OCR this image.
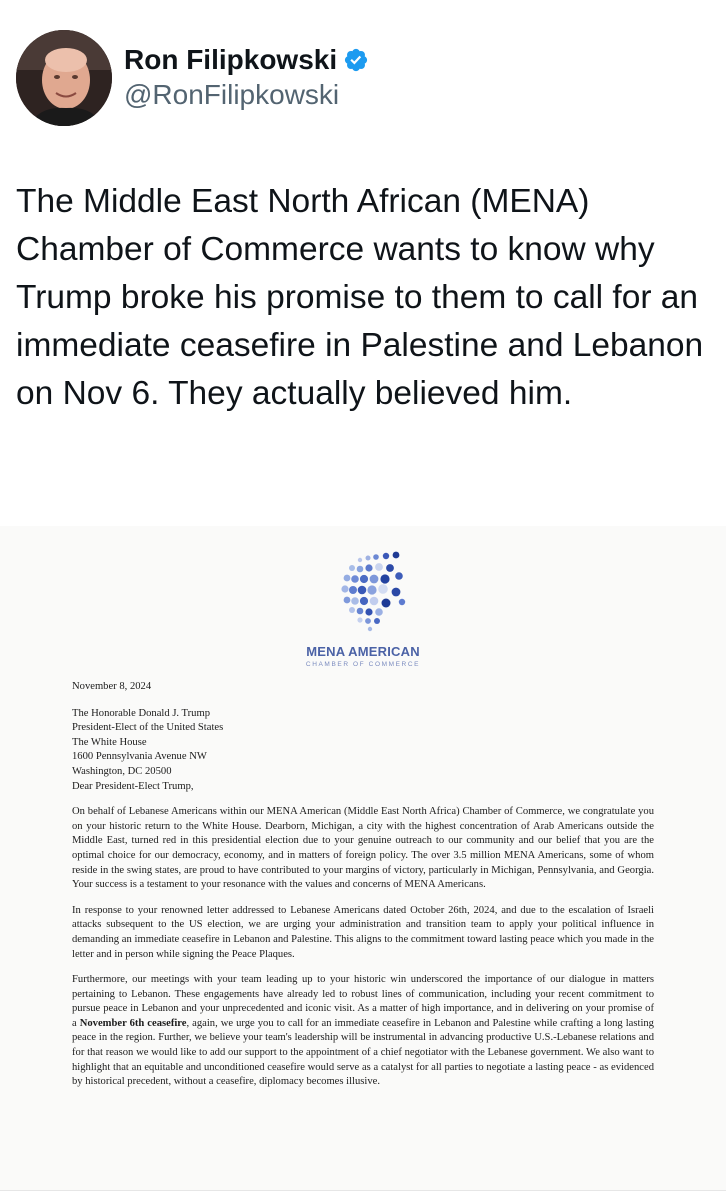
Ron Filipkowski
@RonFilipkowski

The Middle East North African (MENA) Chamber of Commerce wants to know why Trump broke his promise to them to call for an immediate ceasefire in Palestine and Lebanon on Nov 6. They actually believed him.

MENA AMERICAN
CHAMBER OF COMMERCE

November 8, 2024

The Honorable Donald J. Trump

President-Elect of the United States

The White House

1600 Pennsylvania Avenue NW

Washington, DC 20500

Dear President-Elect Trump,

On behalf of Lebanese Americans within our MENA American (Middle East North Africa) Chamber of Commerce, we congratulate you on your historic return to the White House. Dearborn, Michigan, a city with the highest concentration of Arab Americans outside the Middle East, turned red in this presidential election due to your genuine outreach to our community and our belief that you are the optimal choice for our democracy, economy, and in matters of foreign policy. The over 3.5 million MENA Americans, some of whom reside in the swing states, are proud to have contributed to your margins of victory, particularly in Michigan, Pennsylvania, and Georgia. Your success is a testament to your resonance with the values and concerns of MENA Americans.

In response to your renowned letter addressed to Lebanese Americans dated October 26th, 2024, and due to the escalation of Israeli attacks subsequent to the US election, we are urging your administration and transition team to apply your political influence in demanding an immediate ceasefire in Lebanon and Palestine. This aligns to the commitment toward lasting peace which you made in the letter and in person while signing the Peace Plaques.

Furthermore, our meetings with your team leading up to your historic win underscored the importance of our dialogue in matters pertaining to Lebanon. These engagements have already led to robust lines of communication, including your recent commitment to pursue peace in Lebanon and your unprecedented and iconic visit. As a matter of high importance, and in delivering on your promise of a November 6th ceasefire, again, we urge you to call for an immediate ceasefire in Lebanon and Palestine while crafting a long lasting peace in the region. Further, we believe your team's leadership will be instrumental in advancing productive U.S.-Lebanese relations and for that reason we would like to add our support to the appointment of a chief negotiator with the Lebanese government. We also want to highlight that an equitable and unconditioned ceasefire would serve as a catalyst for all parties to negotiate a lasting peace - as evidenced by historical precedent, without a ceasefire, diplomacy becomes illusive.
